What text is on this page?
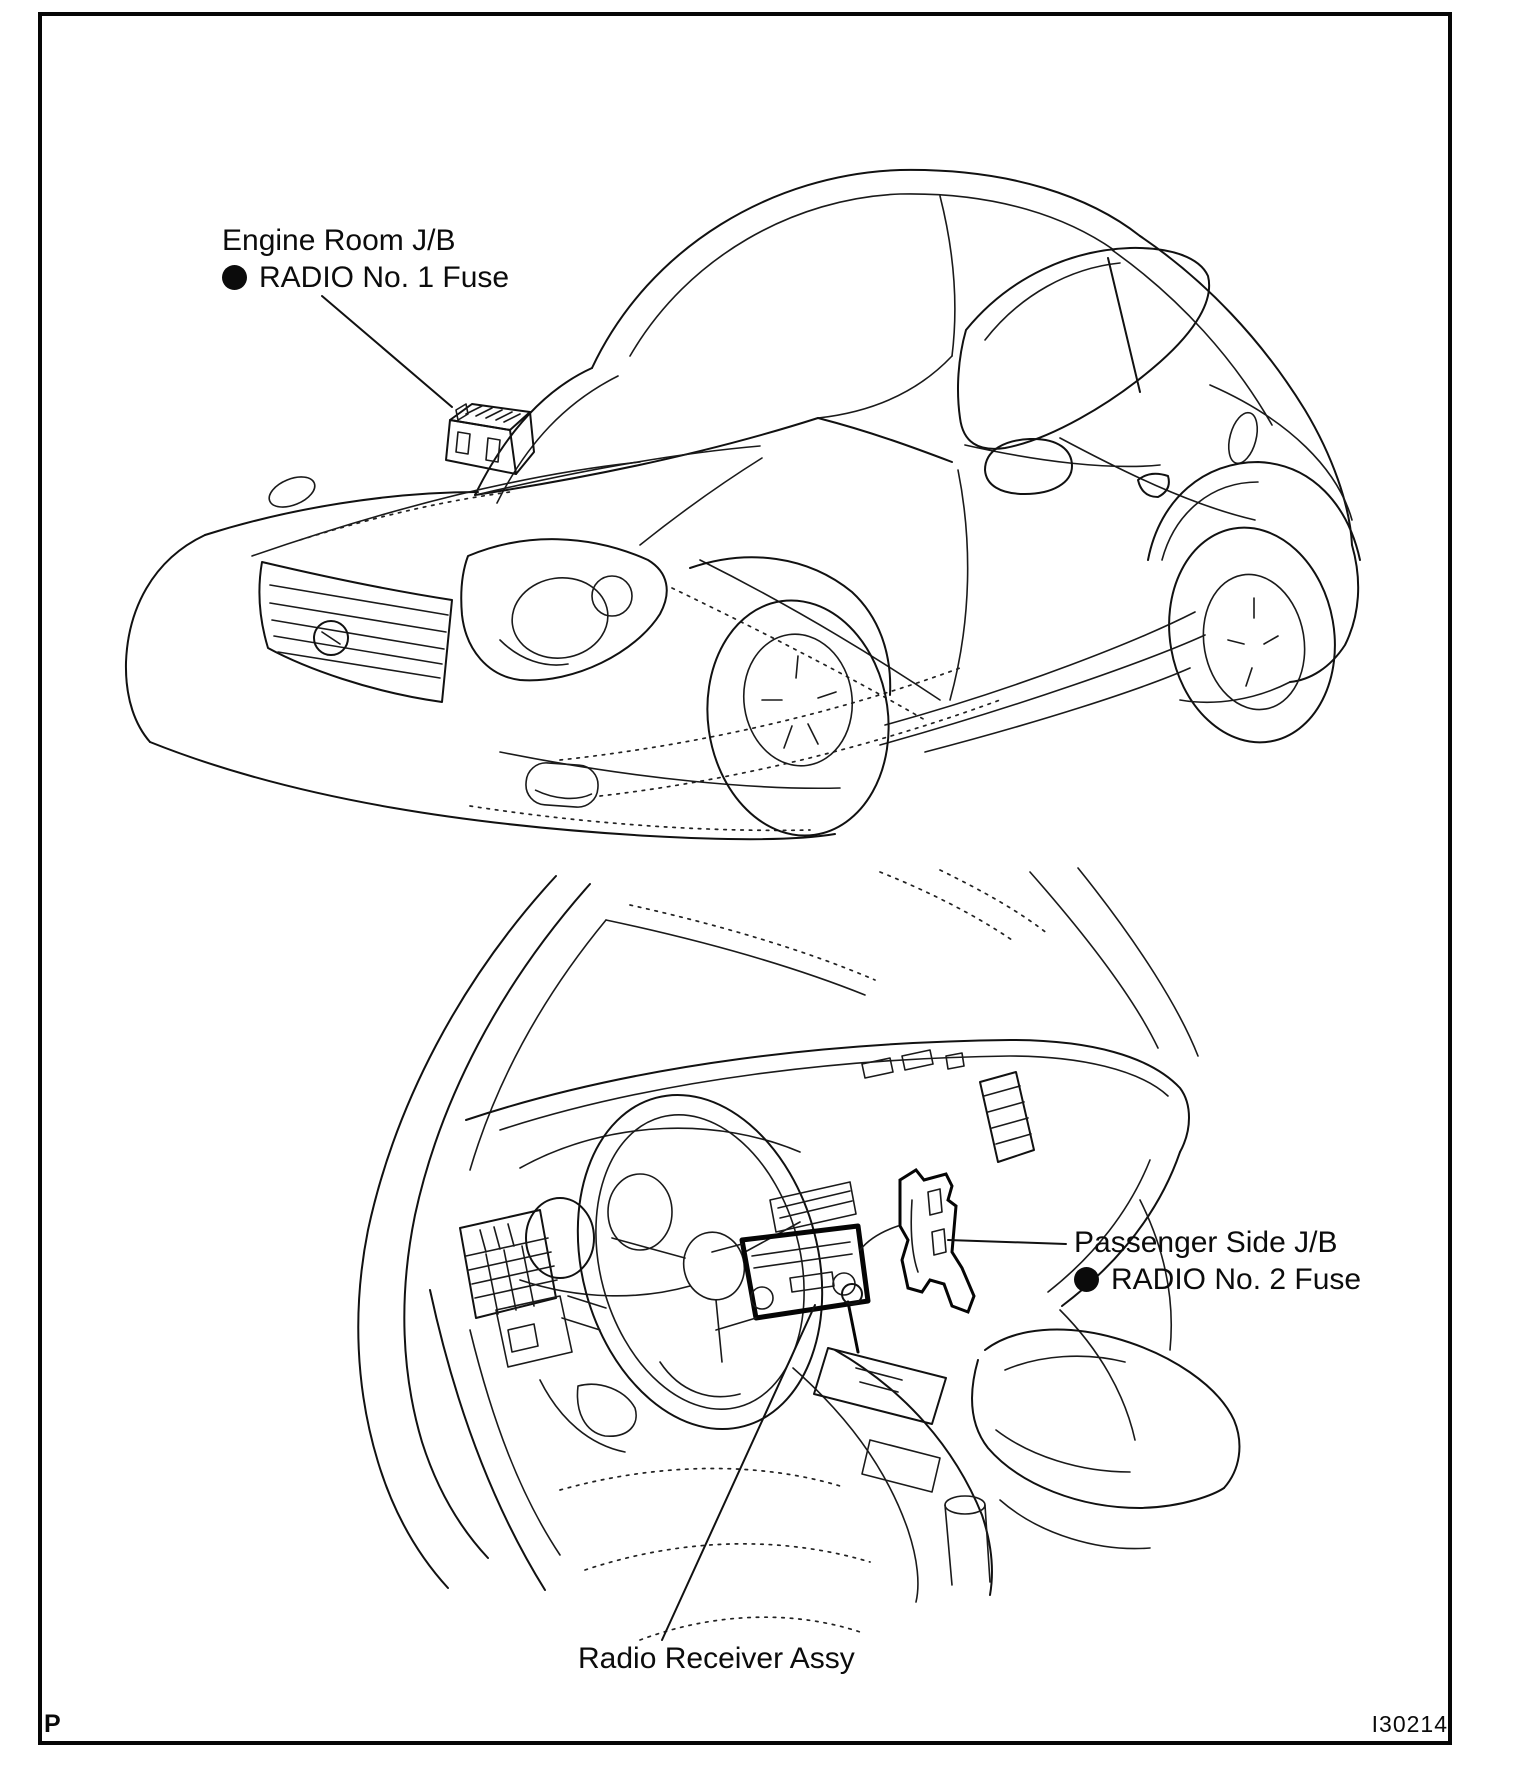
Engine Room J/B
RADIO No. 1 Fuse
Passenger Side J/B
RADIO No. 2 Fuse
Radio Receiver Assy
P	I30214
